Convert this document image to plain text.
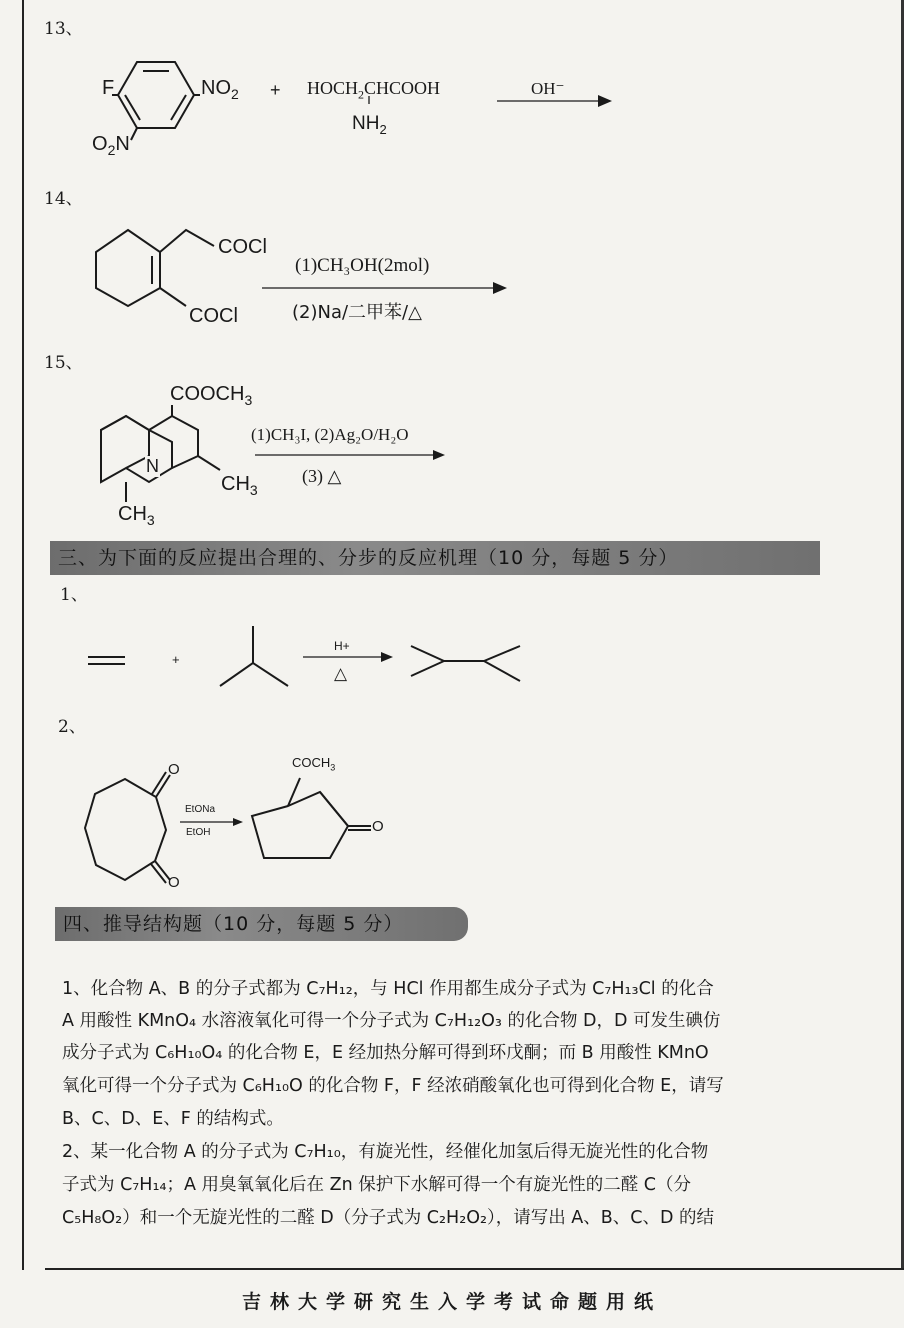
13、
F	$NO_2$
$O_2N$
+ $HOCH_2CHCOOH$
$NH_2$
OH⁻
14、
COCl
COCl
(1)CH₃OH(2mol)
(2)Na/二甲苯/△
15、
$COOCH_3$
N
$CH_3$
$CH_3$
(1)CH₃I, (2)Ag₂O/H₂O
(3) △
三、为下面的反应提出合理的、分步的反应机理（10 分，每题 5 分）
1、
+
H+
△
2、
O
O
EtONa
EtOH
$COCH_3$
O
四、推导结构题（10 分，每题 5 分）
1、化合物 A、B 的分子式都为 C₇H₁₂，与 HCl 作用都生成分子式为 C₇H₁₃Cl 的化合
A 用酸性 KMnO₄ 水溶液氧化可得一个分子式为 C₇H₁₂O₃ 的化合物 D，D 可发生碘仿
成分子式为 C₆H₁₀O₄ 的化合物 E，E 经加热分解可得到环戊酮；而 B 用酸性 KMnO
氧化可得一个分子式为 C₆H₁₀O 的化合物 F，F 经浓硝酸氧化也可得到化合物 E，请写
B、C、D、E、F 的结构式。
2、某一化合物 A 的分子式为 C₇H₁₀，有旋光性，经催化加氢后得无旋光性的化合物
子式为 C₇H₁₄；A 用臭氧氧化后在 Zn 保护下水解可得一个有旋光性的二醛 C（分
C₅H₈O₂）和一个无旋光性的二醛 D（分子式为 C₂H₂O₂），请写出 A、B、C、D 的结
吉林大学研究生入学考试命题用纸
